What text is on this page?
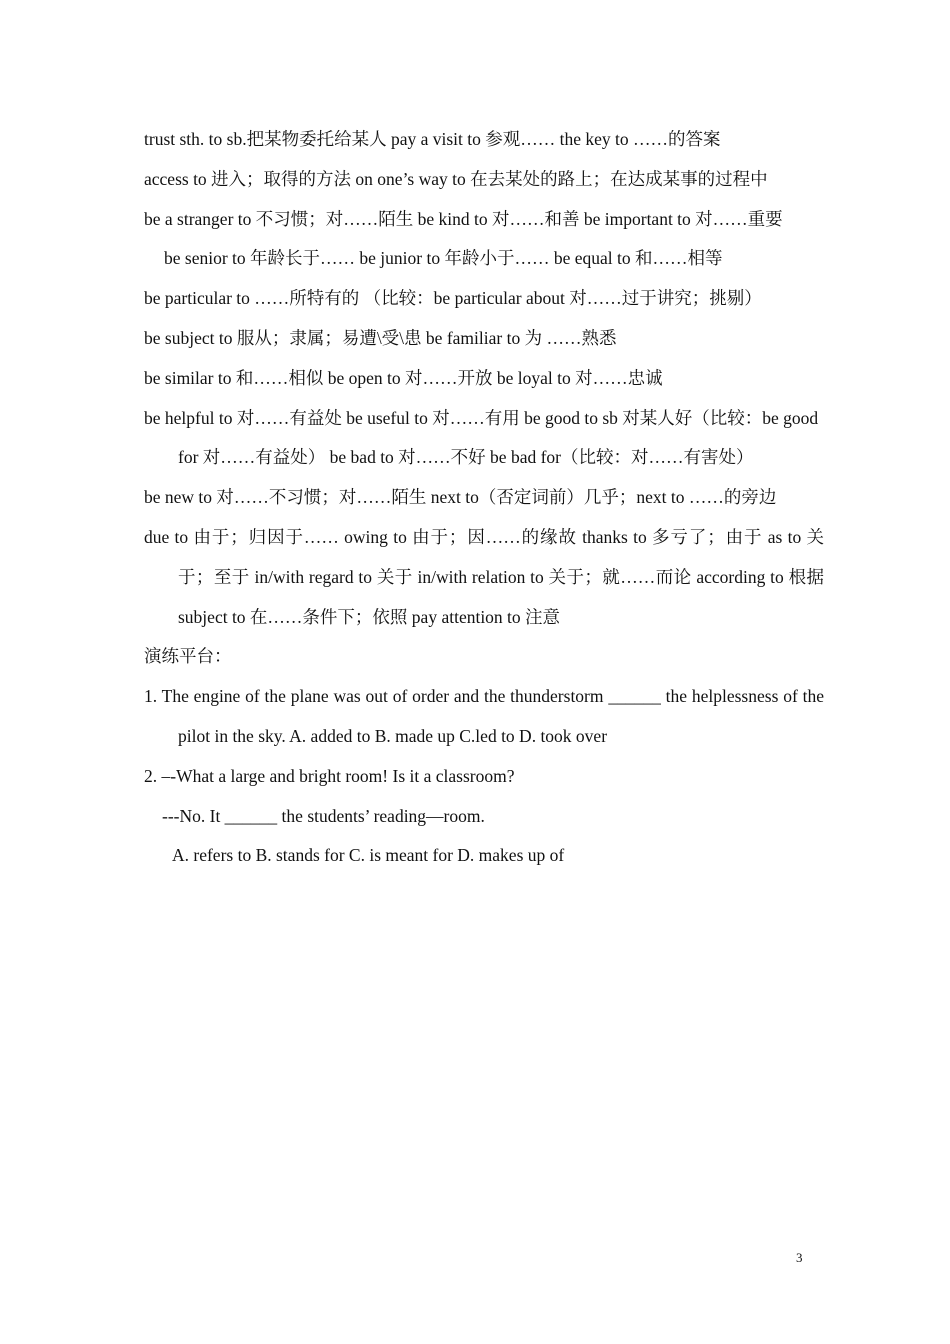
trust sth. to sb.把某物委托给某人 pay a visit to 参观…… the key to ……的答案

access to 进入；取得的方法 on one’s way to 在去某处的路上；在达成某事的过程中

be a stranger to 不习惯；对……陌生 be kind to 对……和善 be important to 对……重要

be senior to 年龄长于…… be junior to 年龄小于…… be equal to 和……相等

be particular to ……所特有的 （比较：be particular about 对……过于讲究；挑剔）

be subject to 服从；隶属；易遭\受\患 be familiar to 为 ……熟悉

be similar to 和……相似 be open to 对……开放 be loyal to 对……忠诚

be helpful to 对……有益处 be useful to 对……有用 be good to sb 对某人好（比较：be good for 对……有益处） be bad to 对……不好 be bad for（比较：对……有害处）

be new to 对……不习惯；对……陌生 next to（否定词前）几乎；next to ……的旁边

due to 由于；归因于…… owing to 由于；因……的缘故 thanks to 多亏了；由于 as to 关于；至于 in/with regard to 关于 in/with relation to 关于；就……而论 according to 根据 subject to 在……条件下；依照 pay attention to 注意

演练平台：

1. The engine of the plane was out of order and the thunderstorm ______ the helplessness of the pilot in the sky. A. added to B. made up C.led to D. took over

2. –-What a large and bright room! Is it a classroom?

---No. It ______ the students’ reading—room.

A. refers to B. stands for C. is meant for D. makes up of

3
